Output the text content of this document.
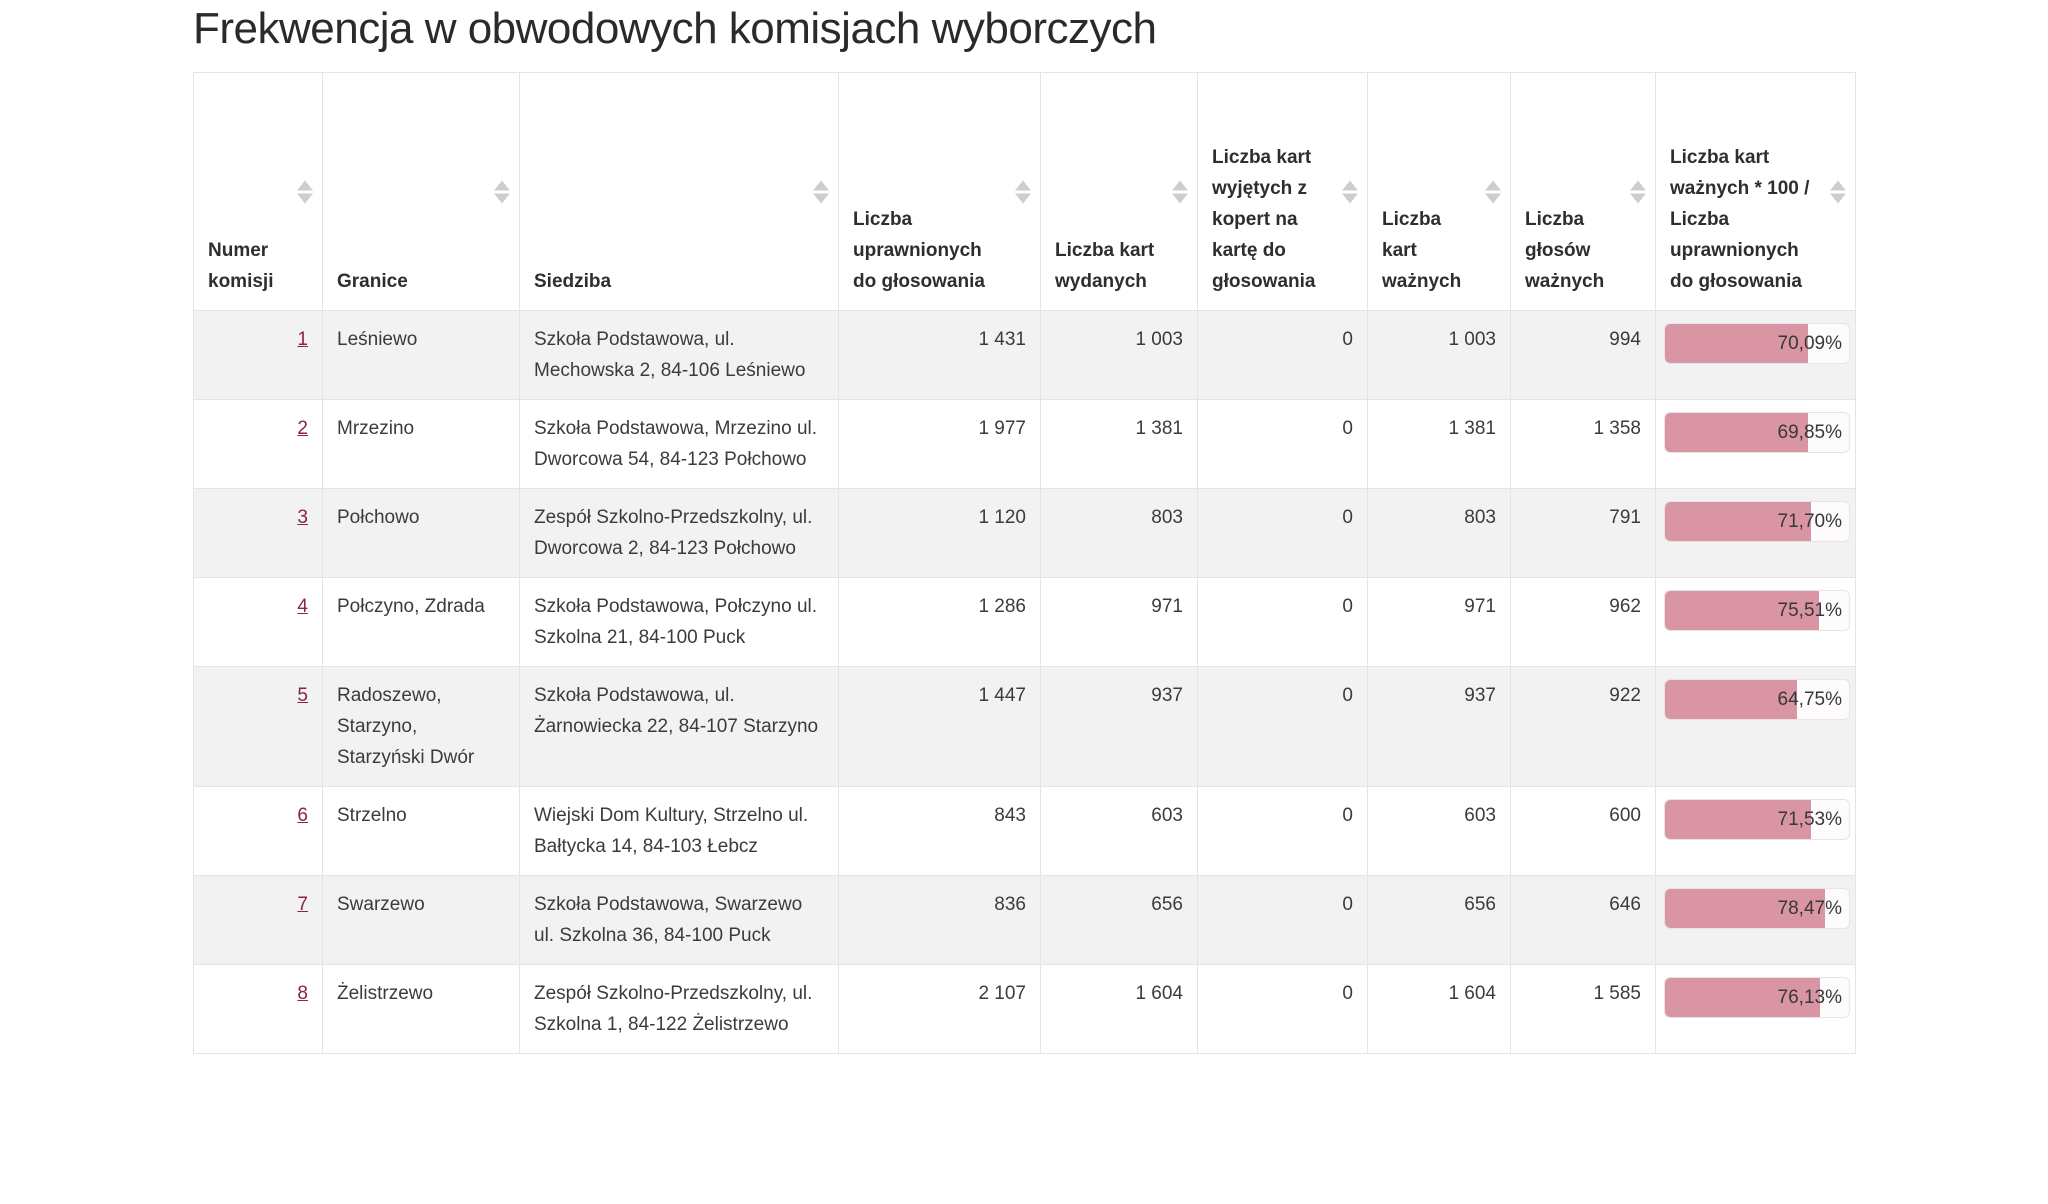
Frekwencja w obwodowych komisjach wyborczych
Numer komisji	Granice	Siedziba	Liczba uprawnionych do głosowania	Liczba kart wydanych	Liczba kart wyjętych z kopert na kartę do głosowania	Liczba kart ważnych	Liczba głosów ważnych	Liczba kart ważnych * 100 / Liczba uprawnionych do głosowania

1	Leśniewo	Szkoła Podstawowa, ul. Mechowska 2, 84-106 Leśniewo	1 431	1 003	0	1 003	994	70,09%

2	Mrzezino	Szkoła Podstawowa, Mrzezino ul. Dworcowa 54, 84-123 Połchowo	1 977	1 381	0	1 381	1 358	69,85%

3	Połchowo	Zespół Szkolno-Przedszkolny, ul. Dworcowa 2, 84-123 Połchowo	1 120	803	0	803	791	71,70%

4	Połczyno, Zdrada	Szkoła Podstawowa, Połczyno ul. Szkolna 21, 84-100 Puck	1 286	971	0	971	962	75,51%

5	Radoszewo, Starzyno, Starzyński Dwór	Szkoła Podstawowa, ul. Żarnowiecka 22, 84-107 Starzyno	1 447	937	0	937	922	64,75%

6	Strzelno	Wiejski Dom Kultury, Strzelno ul. Bałtycka 14, 84-103 Łebcz	843	603	0	603	600	71,53%

7	Swarzewo	Szkoła Podstawowa, Swarzewo ul. Szkolna 36, 84-100 Puck	836	656	0	656	646	78,47%

8	Żelistrzewo	Zespół Szkolno-Przedszkolny, ul. Szkolna 1, 84-122 Żelistrzewo	2 107	1 604	0	1 604	1 585	76,13%
